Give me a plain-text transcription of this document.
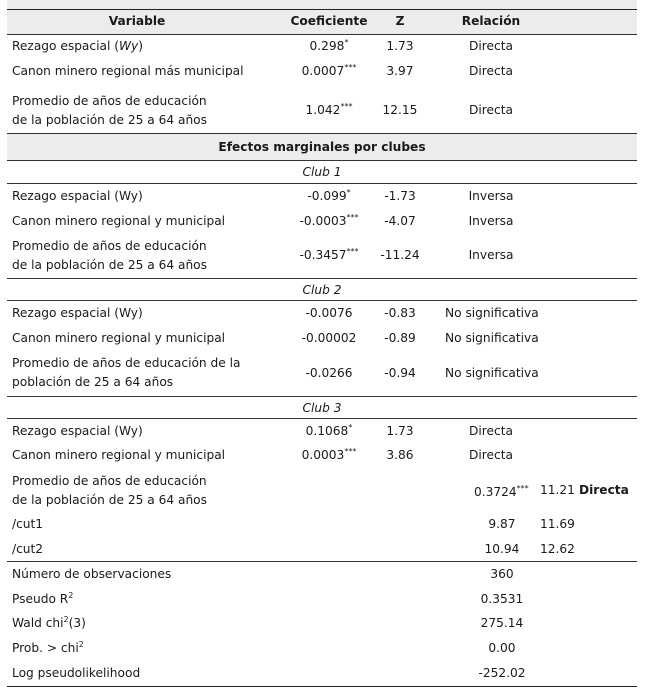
Variable	Coeficiente	Z	Relación
Rezago espacial (Wy)	0.298*	1.73	Directa
Canon minero regional más municipal	0.0007***	3.97	Directa
Promedio de años de educación
de la población de 25 a 64 años
1.042***	12.15	Directa
Efectos marginales por clubes
Club 1
Rezago espacial (Wy)	-0.099*	-1.73	Inversa
Canon minero regional y municipal	-0.0003***	-4.07	Inversa
Promedio de años de educación
de la población de 25 a 64 años
-0.3457***	-11.24	Inversa
Club 2
Rezago espacial (Wy)	-0.0076	-0.83	No significativa
Canon minero regional y municipal	-0.00002	-0.89	No significativa
Promedio de años de educación de la
población de 25 a 64 años
-0.0266	-0.94	No significativa
Club 3
Rezago espacial (Wy)	0.1068*	1.73	Directa
Canon minero regional y municipal	0.0003***	3.86	Directa
Promedio de años de educación
de la población de 25 a 64 años
0.3724*** 11.21 Directa
/cut1	9.87	11.69
/cut2	10.94	12.62
Número de observaciones	360
Pseudo $R^2$	0.3531
Wald chi$^2$(3)	275.14
Prob. > chi$^2$	0.00
Log pseudolikelihood	-252.02
